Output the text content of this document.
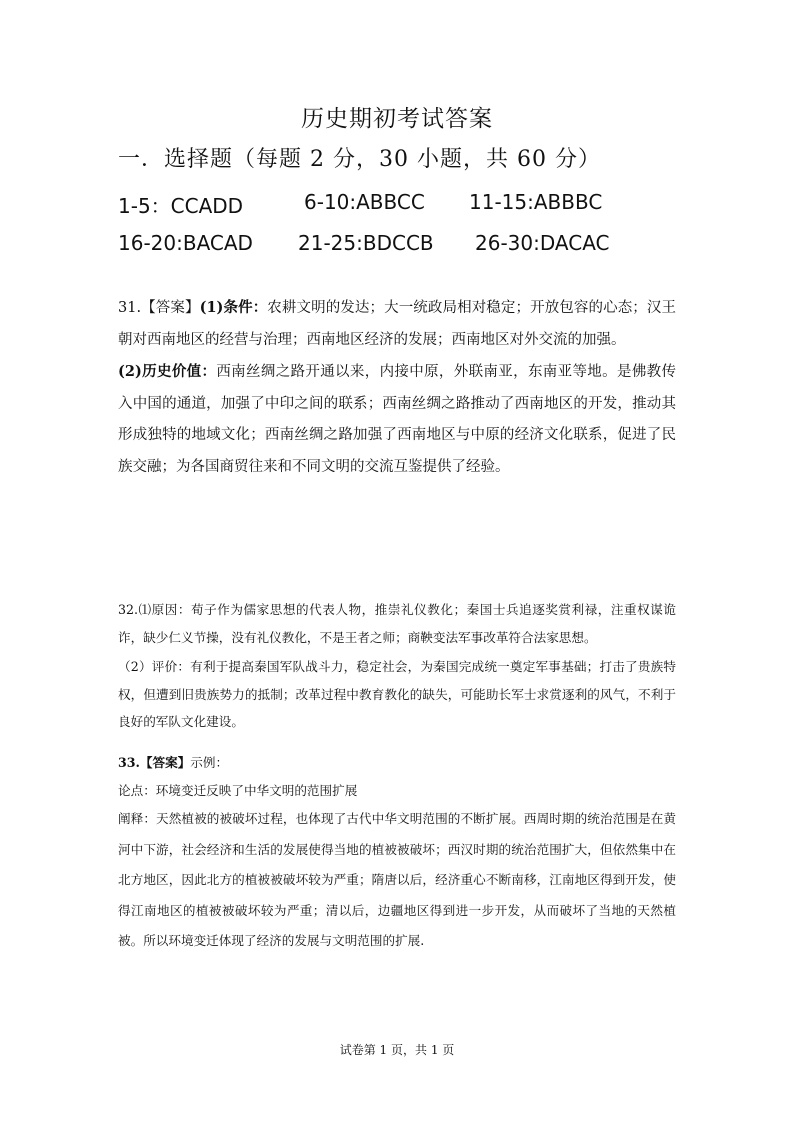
历史期初考试答案
一．选择题（每题 2 分，30 小题，共 60 分）
1-5：CCADD	6-10:ABBCC 11-15:ABBBC
16-20:BACAD 21-25:BDCCB 26-30:DACAC

31.【答案】(1)条件：农耕文明的发达；大一统政局相对稳定；开放包容的心态；汉王朝对西南地区的经营与治理；西南地区经济的发展；西南地区对外交流的加强。

(2)历史价值：西南丝绸之路开通以来，内接中原，外联南亚，东南亚等地。是佛教传入中国的通道，加强了中印之间的联系；西南丝绸之路推动了西南地区的开发，推动其形成独特的地域文化；西南丝绸之路加强了西南地区与中原的经济文化联系，促进了民族交融；为各国商贸往来和不同文明的交流互鉴提供了经验。

32.⑴原因：荀子作为儒家思想的代表人物，推崇礼仪教化；秦国士兵追逐奖赏利禄，注重权谋诡诈，缺少仁义节操，没有礼仪教化，不是王者之师；商鞅变法军事改革符合法家思想。

（2）评价：有利于提高秦国军队战斗力，稳定社会，为秦国完成统一奠定军事基础；打击了贵族特权，但遭到旧贵族势力的抵制；改革过程中教育教化的缺失，可能助长军士求赏逐利的风气，不利于良好的军队文化建设。

33.【答案】示例：

论点：环境变迁反映了中华文明的范围扩展

阐释：天然植被的被破坏过程，也体现了古代中华文明范围的不断扩展。西周时期的统治范围是在黄河中下游，社会经济和生活的发展使得当地的植被被破坏；西汉时期的统治范围扩大，但依然集中在北方地区，因此北方的植被被破坏较为严重；隋唐以后，经济重心不断南移，江南地区得到开发，使得江南地区的植被被破坏较为严重；清以后，边疆地区得到进一步开发，从而破坏了当地的天然植被。所以环境变迁体现了经济的发展与文明范围的扩展.

试卷第 1 页，共 1 页
